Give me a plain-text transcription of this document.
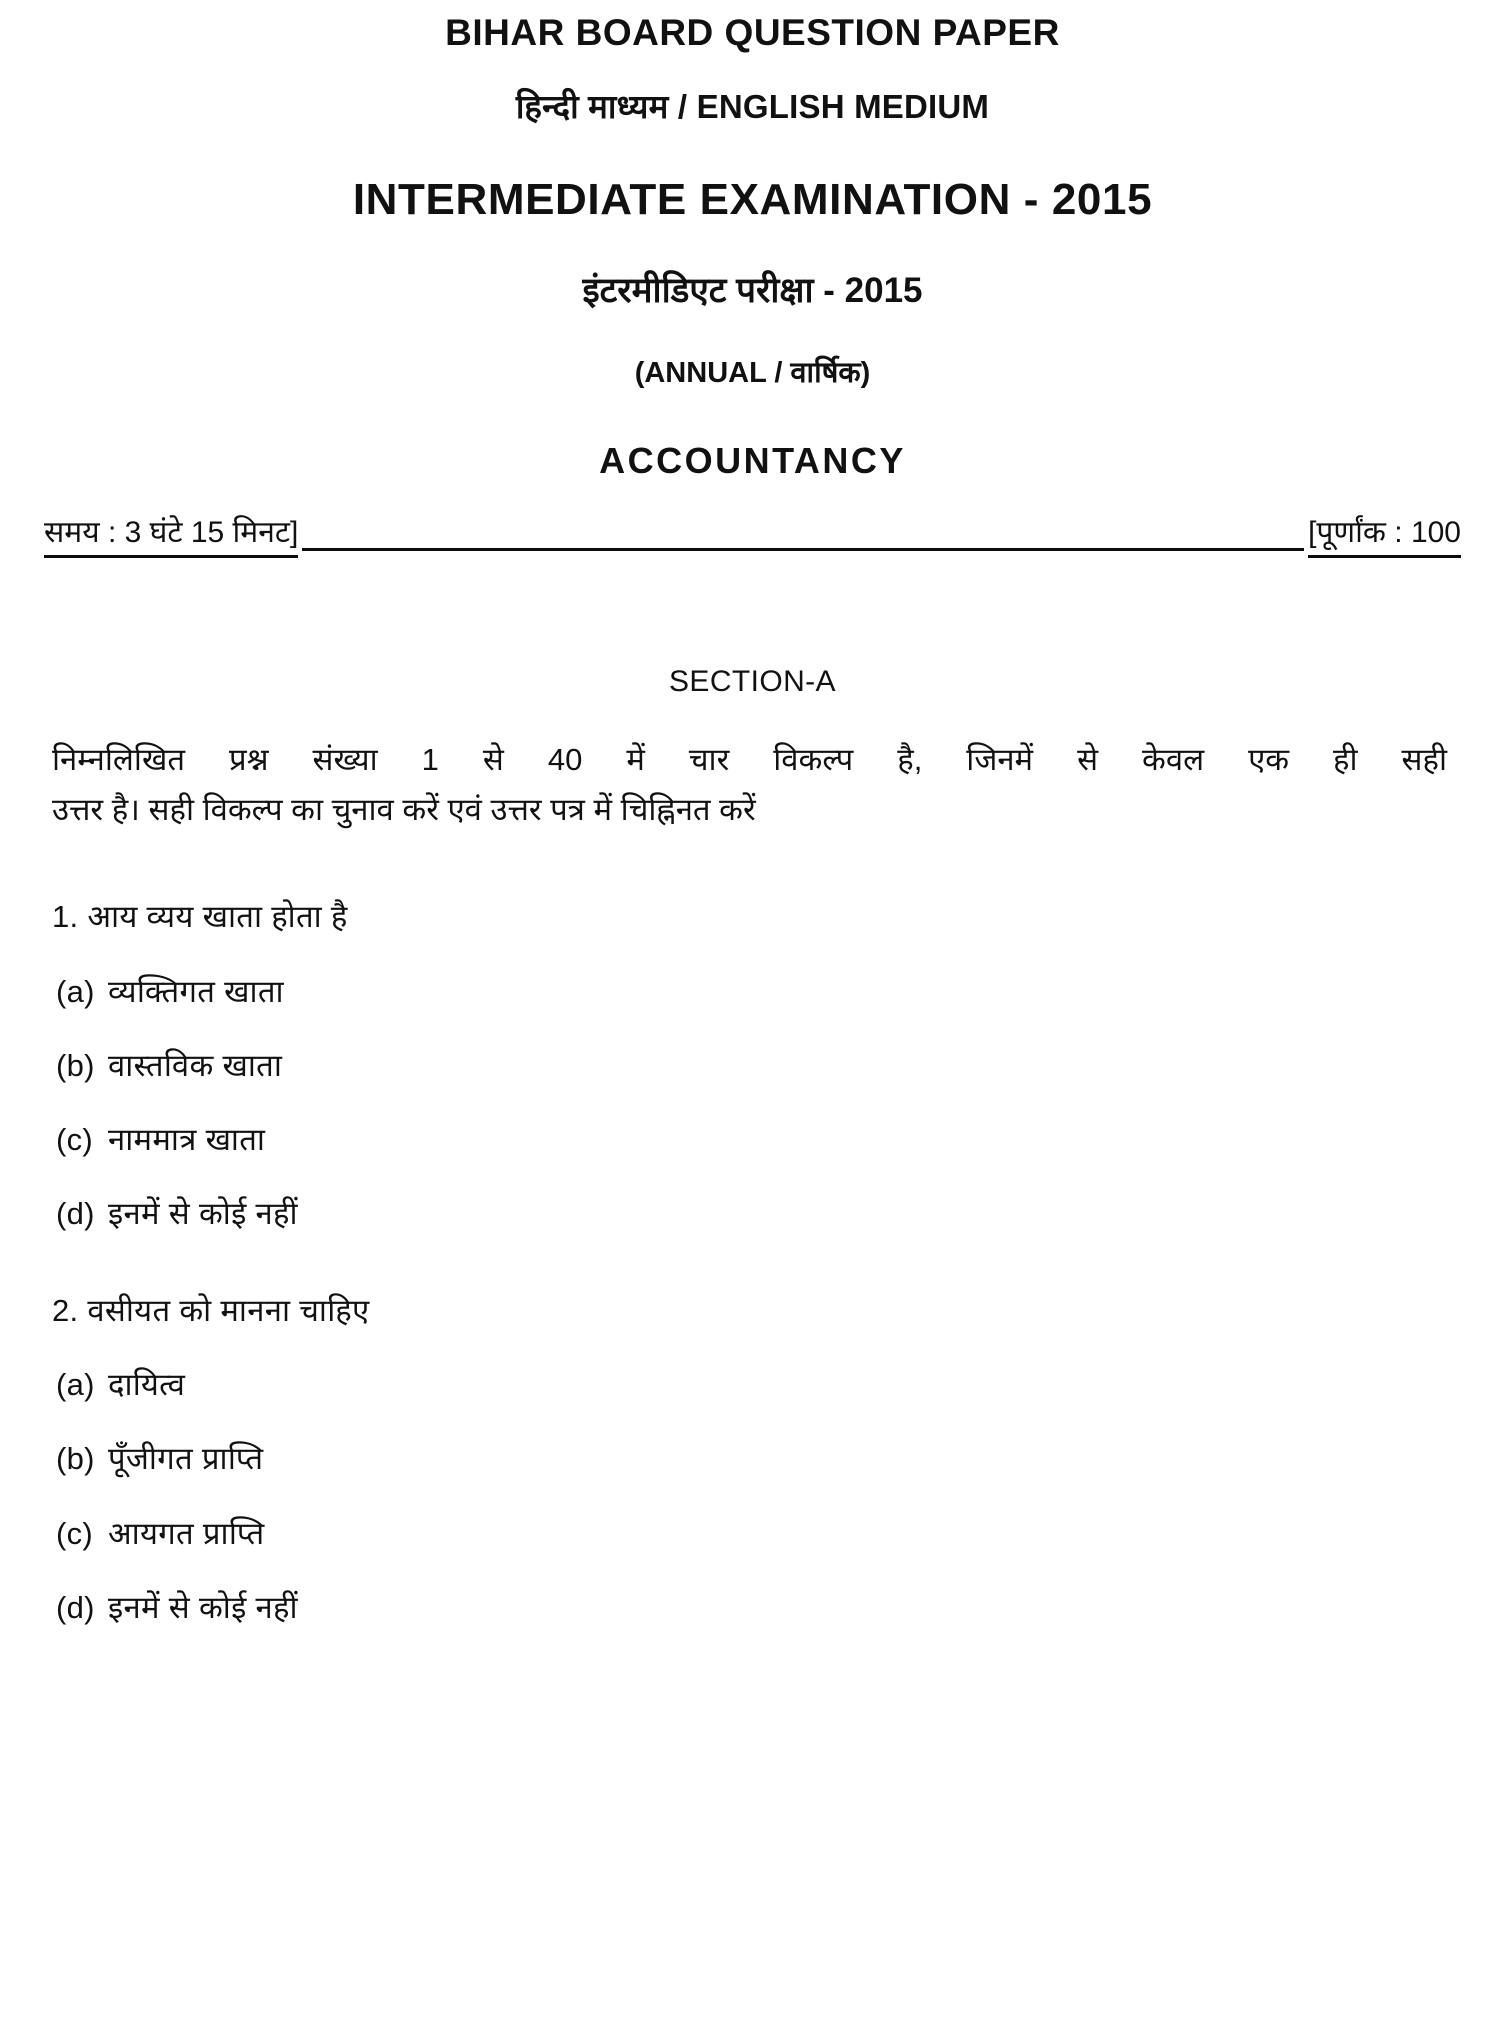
BIHAR BOARD QUESTION PAPER
हिन्दी माध्यम / ENGLISH MEDIUM
INTERMEDIATE EXAMINATION - 2015
इंटरमीडिएट परीक्षा - 2015
(ANNUAL / वार्षिक)
ACCOUNTANCY
समय : 3 घंटे 15 मिनट]	[पूर्णांक : 100
SECTION-A
निम्नलिखित प्रश्न संख्या 1 से 40 में चार विकल्प है, जिनमें से केवल एक ही सही
उत्तर है। सही विकल्प का चुनाव करें एवं उत्तर पत्र में चिह्निनत करें
1. आय व्यय खाता होता है
(a) व्यक्तिगत खाता
(b) वास्तविक खाता
(c) नाममात्र खाता
(d) इनमें से कोई नहीं
2. वसीयत को मानना चाहिए
(a) दायित्व
(b) पूँजीगत प्राप्ति
(c) आयगत प्राप्ति
(d) इनमें से कोई नहीं
